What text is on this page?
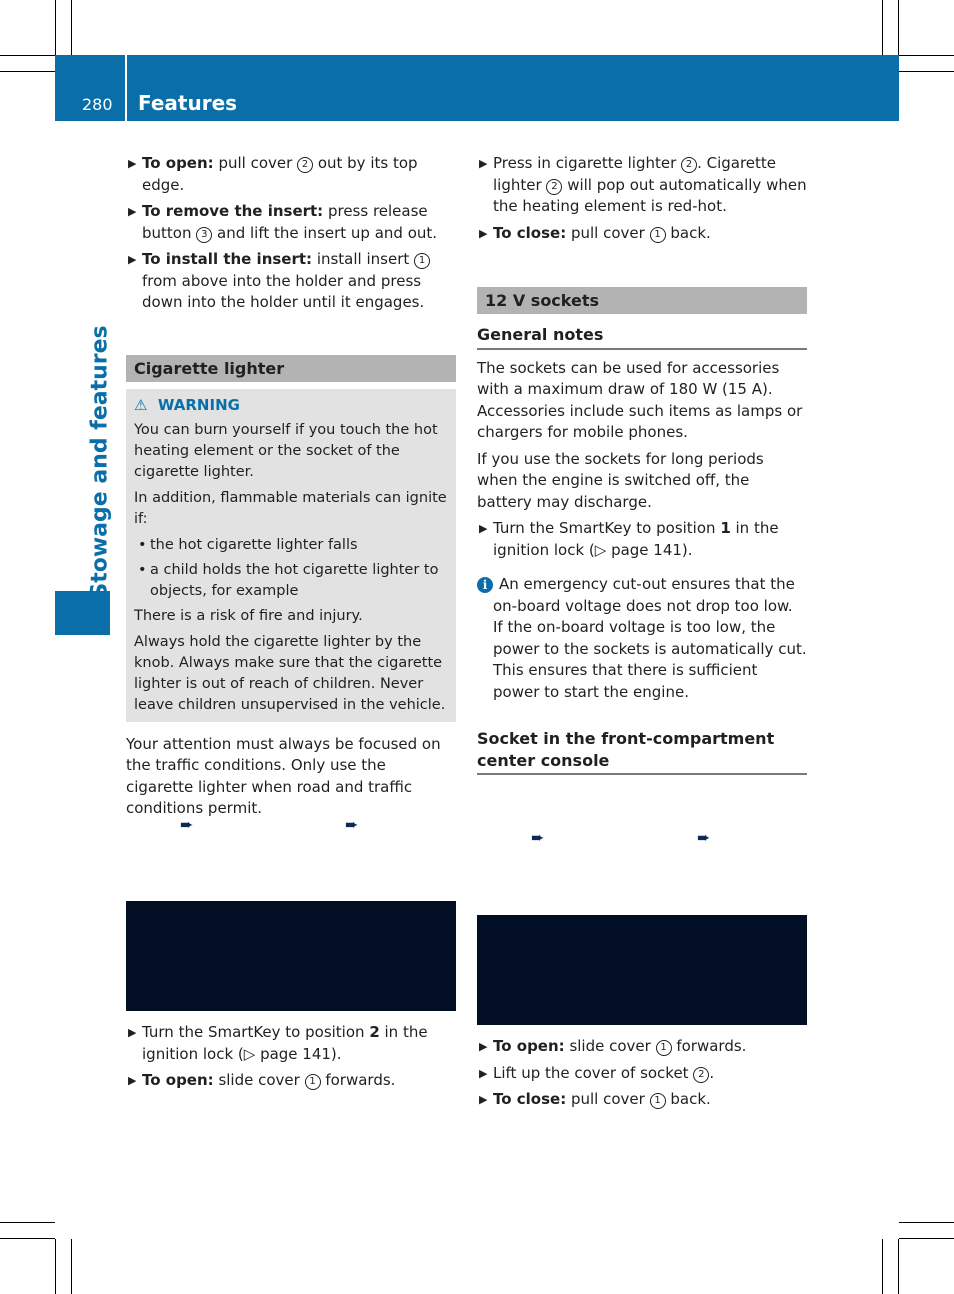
280 Features
Stowage and features
▶ To open: pull cover 2 out by its top edge.
▶ To remove the insert: press release button 3 and lift the insert up and out.
▶ To install the insert: install insert 1 from above into the holder and press down into the holder until it engages.
Cigarette lighter
⚠ WARNING
You can burn yourself if you touch the hot heating element or the socket of the cigarette lighter.
In addition, flammable materials can ignite if:
• the hot cigarette lighter falls
• a child holds the hot cigarette lighter to objects, for example
There is a risk of fire and injury.
Always hold the cigarette lighter by the knob. Always make sure that the cigarette lighter is out of reach of children. Never leave children unsupervised in the vehicle.
Your attention must always be focused on the traffic conditions. Only use the cigarette lighter when road and traffic conditions permit.
➨	➨
▶ Turn the SmartKey to position 2 in the ignition lock (▷ page 141).
▶ To open: slide cover 1 forwards.
▶ Press in cigarette lighter 2 . Cigarette lighter 2 will pop out automatically when the heating element is red-hot.
▶ To close: pull cover 1 back.
12 V sockets
General notes
The sockets can be used for accessories with a maximum draw of 180 W (15 A). Accessories include such items as lamps or chargers for mobile phones.
If you use the sockets for long periods when the engine is switched off, the battery may discharge.
▶ Turn the SmartKey to position 1 in the ignition lock (▷ page 141).
i An emergency cut-out ensures that the on-board voltage does not drop too low. If the on-board voltage is too low, the power to the sockets is automatically cut. This ensures that there is sufficient power to start the engine.
Socket in the front-compartment center console
➨	➨
▶ To open: slide cover 1 forwards.
▶ Lift up the cover of socket 2 .
▶ To close: pull cover 1 back.
